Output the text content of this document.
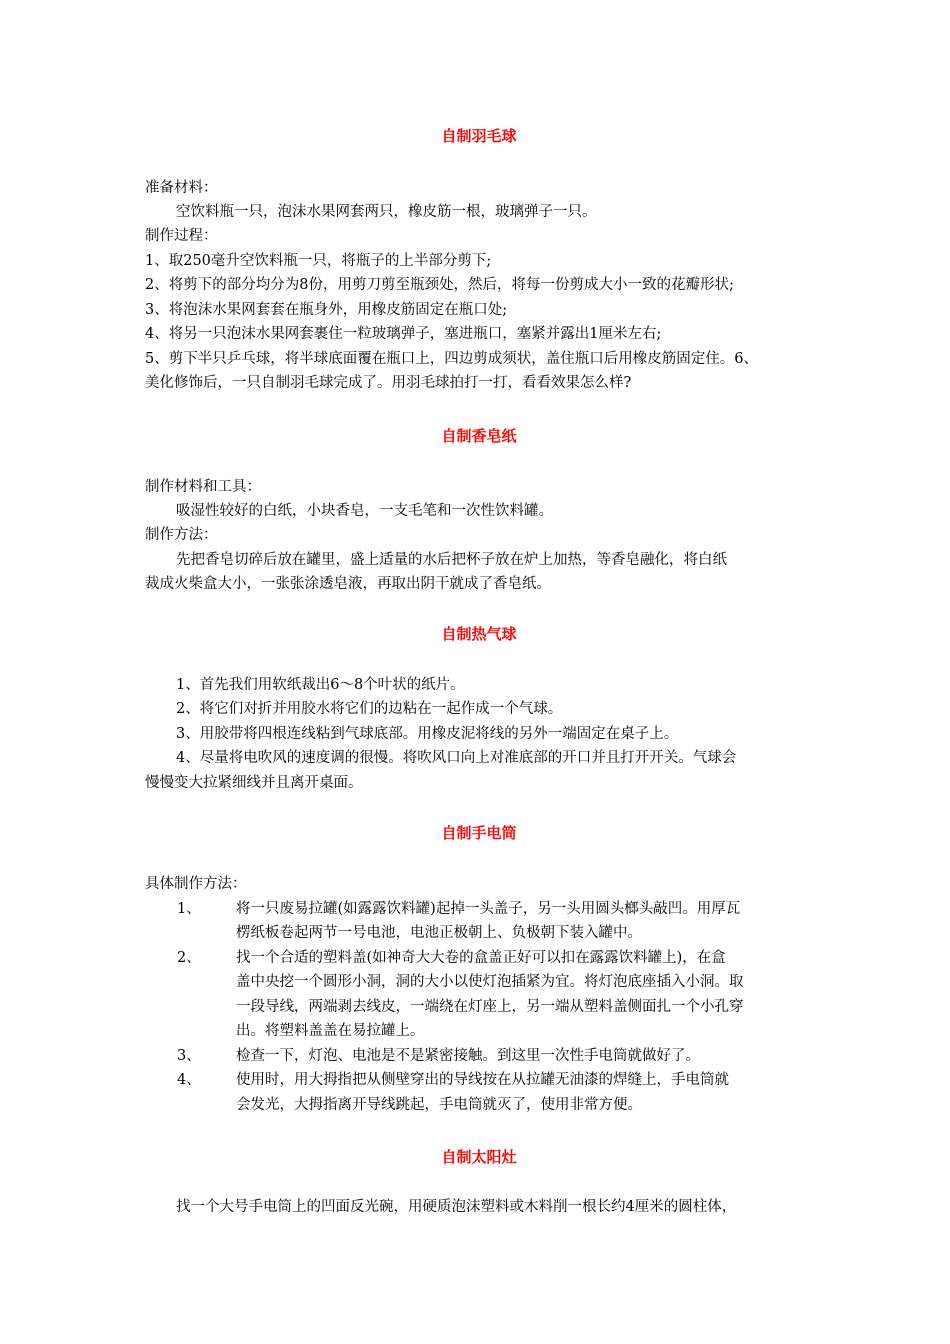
自制羽毛球

准备材料：

空饮料瓶一只，泡沫水果网套两只，橡皮筋一根，玻璃弹子一只。

制作过程：

1、取250毫升空饮料瓶一只，将瓶子的上半部分剪下;

2、将剪下的部分均分为8份，用剪刀剪至瓶颈处，然后，将每一份剪成大小一致的花瓣形状;

3、将泡沫水果网套套在瓶身外，用橡皮筋固定在瓶口处;

4、将另一只泡沫水果网套裹住一粒玻璃弹子，塞进瓶口，塞紧并露出1厘米左右;

5、剪下半只乒乓球，将半球底面覆在瓶口上，四边剪成须状，盖住瓶口后用橡皮筋固定住。6、

美化修饰后，一只自制羽毛球完成了。用羽毛球拍打一打，看看效果怎么样?

自制香皂纸

制作材料和工具：

吸湿性较好的白纸，小块香皂，一支毛笔和一次性饮料罐。

制作方法：

先把香皂切碎后放在罐里，盛上适量的水后把杯子放在炉上加热，等香皂融化，将白纸

裁成火柴盒大小，一张张涂透皂液，再取出阴干就成了香皂纸。

自制热气球

1、首先我们用软纸裁出6～8个叶状的纸片。

2、将它们对折并用胶水将它们的边粘在一起作成一个气球。

3、用胶带将四根连线粘到气球底部。用橡皮泥将线的另外一端固定在桌子上。

4、尽量将电吹风的速度调的很慢。将吹风口向上对准底部的开口并且打开开关。气球会

慢慢变大拉紧细线并且离开桌面。

自制手电筒

具体制作方法：

1、	将一只废易拉罐(如露露饮料罐)起掉一头盖子，另一头用圆头榔头敲凹。用厚瓦
楞纸板卷起两节一号电池，电池正极朝上、负极朝下装入罐中。
2、	找一个合适的塑料盖(如神奇大大卷的盒盖正好可以扣在露露饮料罐上)，在盒
盖中央挖一个圆形小洞，洞的大小以使灯泡插紧为宜。将灯泡底座插入小洞。取
一段导线，两端剥去线皮，一端绕在灯座上，另一端从塑料盖侧面扎一个小孔穿
出。将塑料盖盖在易拉罐上。
3、	检查一下，灯泡、电池是不是紧密接触。到这里一次性手电筒就做好了。
4、	使用时，用大拇指把从侧壁穿出的导线按在从拉罐无油漆的焊缝上，手电筒就
会发光，大拇指离开导线跳起，手电筒就灭了，使用非常方便。
自制太阳灶

找一个大号手电筒上的凹面反光碗，用硬质泡沫塑料或木料削一根长约4厘米的圆柱体，
